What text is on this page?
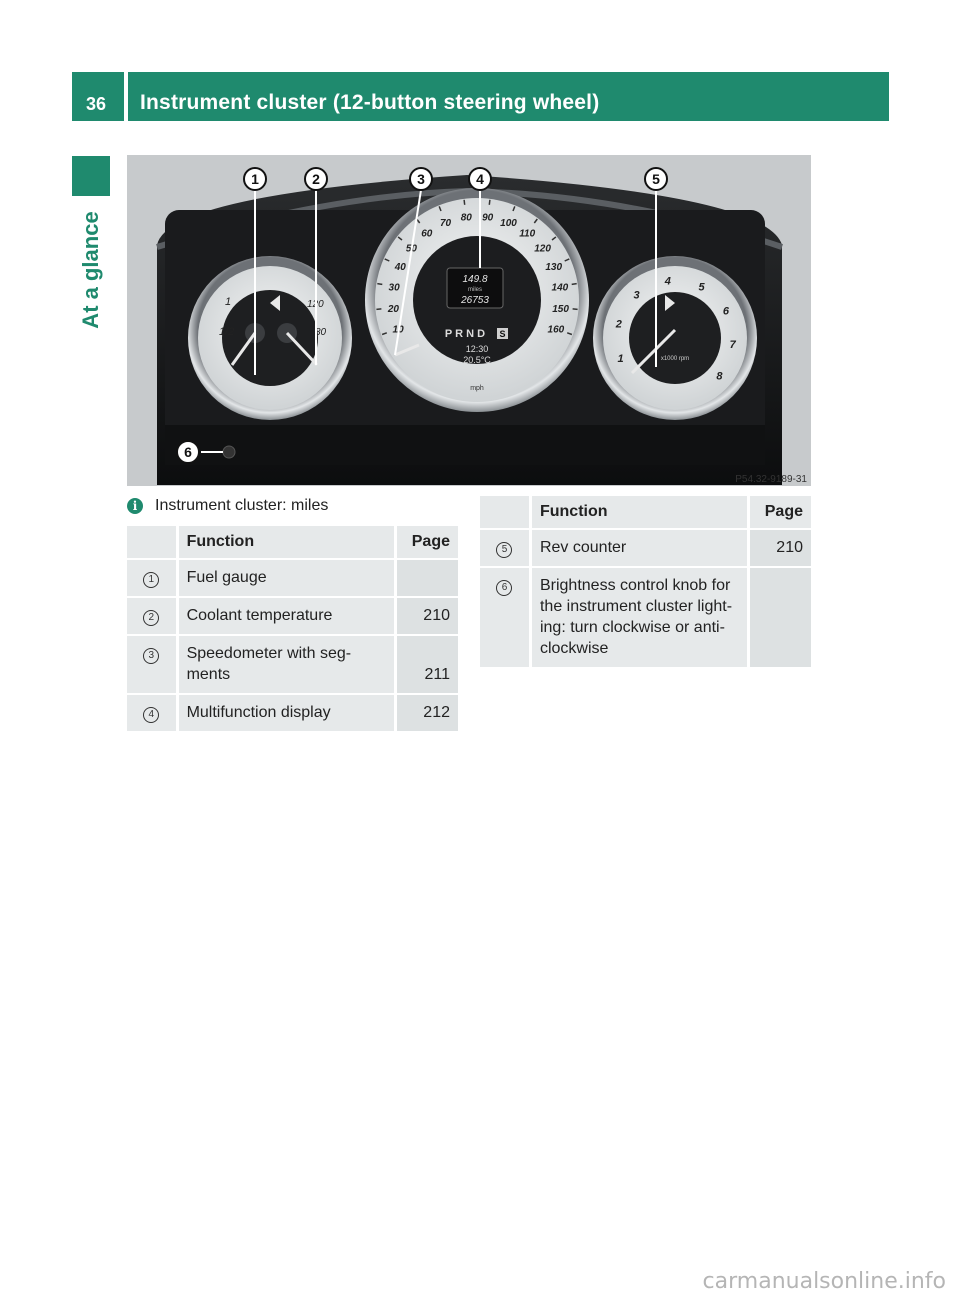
36	Instrument cluster (12-button steering wheel)
At a glance
1/2
1	120
80	10
20
30
40
50
60
70 80 90 100
110
120
130
140
150
160
149.8
miles
26753
P R N D S
12:30
20.5°C
mph
1
2
3
4	5
6
7
8
x1000 rpm
1	2	3	4	5
6
P54.32-9189-31
i	Instrument cluster: miles
	Function	Page
1	Fuel gauge	
2	Coolant temperature	210
3	Speedometer with seg-
ments	211
4	Multifunction display	212
	Function	Page
5	Rev counter	210
6	Brightness control knob for the instrument cluster light-ing: turn clockwise or anti-clockwise	
carmanualsonline.info
